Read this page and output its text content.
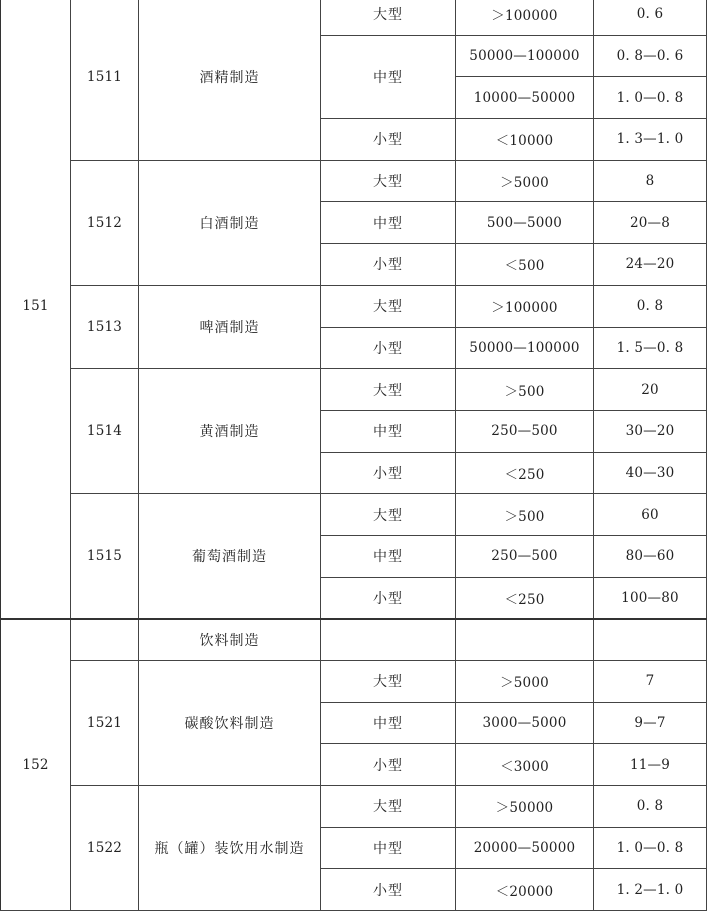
151	1511	酒精制造	大型	＞100000	0. 6
			中型	50000—100000	0. 8—0. 6
				10000—50000	1. 0—0. 8
			小型	＜10000	1. 3—1. 0
	1512	白酒制造	大型	＞5000	8
			中型	500—5000	20—8
			小型	＜500	24—20
	1513	啤酒制造	大型	＞100000	0. 8
			小型	50000—100000	1. 5—0. 8
	1514	黄酒制造	大型	＞500	20
			中型	250—500	30—20
			小型	＜250	40—30
	1515	葡萄酒制造	大型	＞500	60
			中型	250—500	80—60
			小型	＜250	100—80
152		饮料制造			
	1521	碳酸饮料制造	大型	＞5000	7
			中型	3000—5000	9—7
			小型	＜3000	11—9
	1522	瓶（罐）装饮用水制造	大型	＞50000	0. 8
			中型	20000—50000	1. 0—0. 8
			小型	＜20000	1. 2—1. 0
